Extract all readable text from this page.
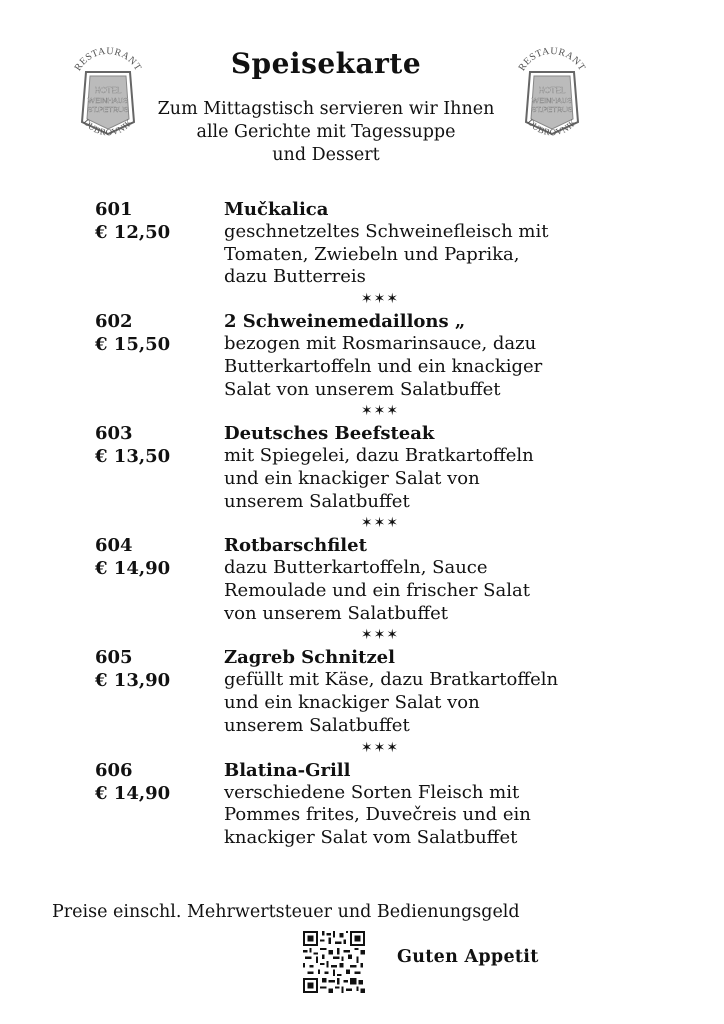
RESTAURANT
HOTEL
WEINHAUS
ST.PETRUS
DUBROVNIK
RESTAURANT
HOTEL
WEINHAUS
ST.PETRUS
DUBROVNIK
Speisekarte
Zum Mittagstisch servieren wir Ihnen
alle Gerichte mit Tagessuppe
und Dessert
601
€ 12,50
Mučkalica
geschnetzeltes Schweinefleisch mit
Tomaten, Zwiebeln und Paprika,
dazu Butterreis
✶✶✶
602
€ 15,50
2 Schweinemedaillons „
bezogen mit Rosmarinsauce, dazu
Butterkartoffeln und ein knackiger
Salat von unserem Salatbuffet
✶✶✶
603
€ 13,50
Deutsches Beefsteak
mit Spiegelei, dazu Bratkartoffeln
und ein knackiger Salat von
unserem Salatbuffet
✶✶✶
604
€ 14,90
Rotbarschfilet
dazu Butterkartoffeln, Sauce
Remoulade und ein frischer Salat
von unserem Salatbuffet
✶✶✶
605
€ 13,90
Zagreb Schnitzel
gefüllt mit Käse, dazu Bratkartoffeln
und ein knackiger Salat von
unserem Salatbuffet
✶✶✶
606
€ 14,90
Blatina-Grill
verschiedene Sorten Fleisch mit
Pommes frites, Duvečreis und ein
knackiger Salat vom Salatbuffet
Preise einschl. Mehrwertsteuer und Bedienungsgeld
Guten Appetit
